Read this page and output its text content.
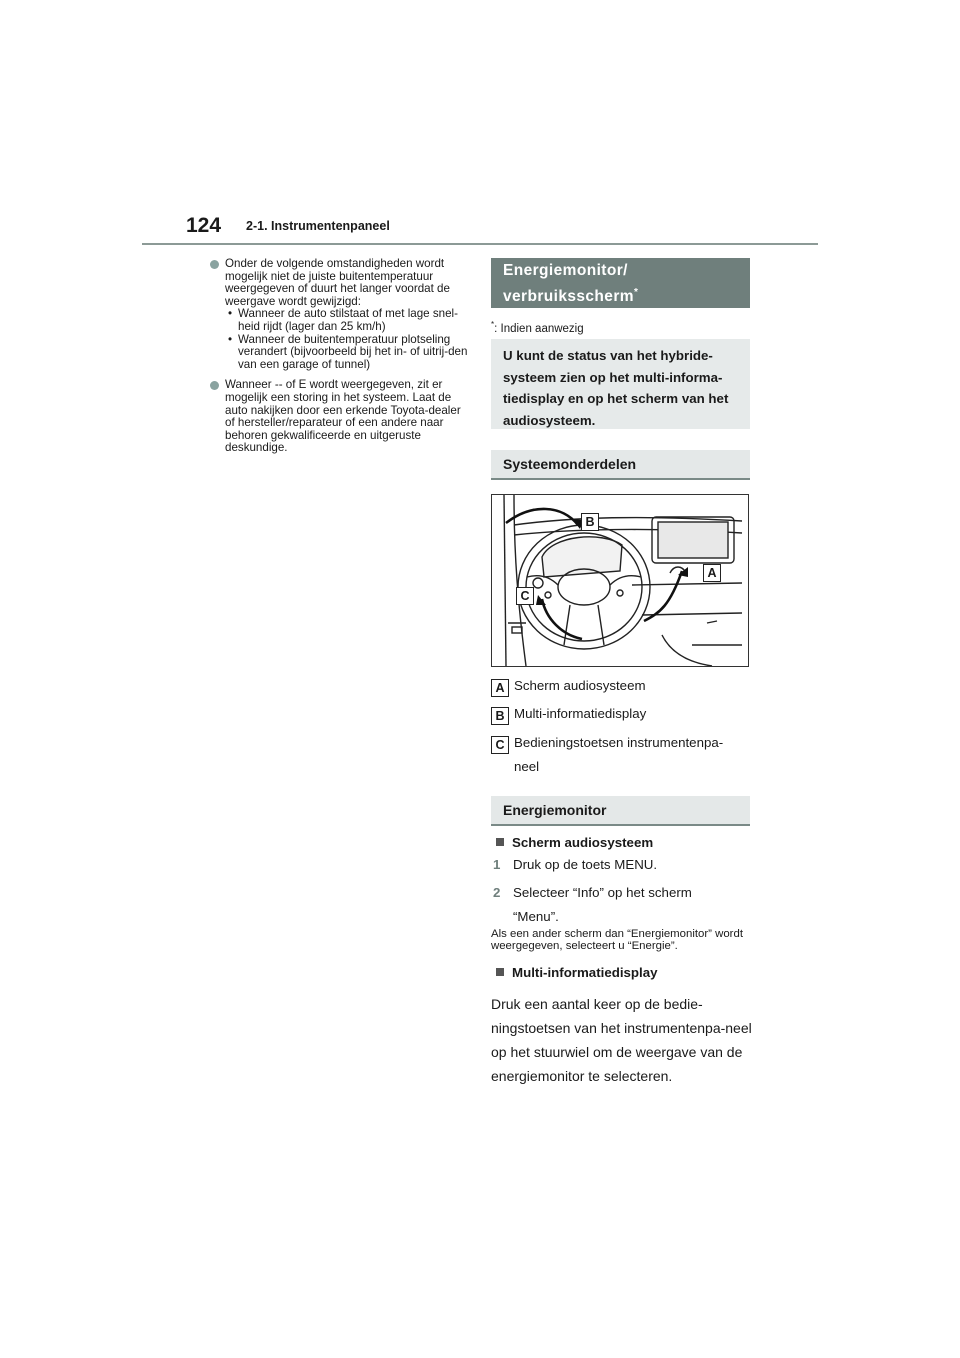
124 2-1. Instrumentenpaneel
Onder de volgende omstandigheden wordt mogelijk niet de juiste buitentemperatuur weergegeven of duurt het langer voordat de weergave wordt gewijzigd:
• Wanneer de auto stilstaat of met lage snel-heid rijdt (lager dan 25 km/h)
• Wanneer de buitentemperatuur plotseling verandert (bijvoorbeeld bij het in- of uitrij-den van een garage of tunnel)
Wanneer -- of E wordt weergegeven, zit er mogelijk een storing in het systeem. Laat de auto nakijken door een erkende Toyota-dealer of hersteller/reparateur of een andere naar behoren gekwalificeerde en uitgeruste deskundige.
Energiemonitor/ verbruiksscherm*
*: Indien aanwezig
U kunt de status van het hybride-systeem zien op het multi-informa-tiedisplay en op het scherm van het audiosysteem.
Systeemonderdelen
B
A
C
A Scherm audiosysteem
B Multi-informatiedisplay
C Bedieningstoetsen instrumentenpa-
neel
Energiemonitor
Scherm audiosysteem
1 Druk op de toets MENU.
2 Selecteer “Info” op het scherm
“Menu”.
Als een ander scherm dan “Energiemonitor” wordt weergegeven, selecteert u “Energie”.
Multi-informatiedisplay
Druk een aantal keer op de bedie-ningstoetsen van het instrumentenpa-neel op het stuurwiel om de weergave van de energiemonitor te selecteren.
